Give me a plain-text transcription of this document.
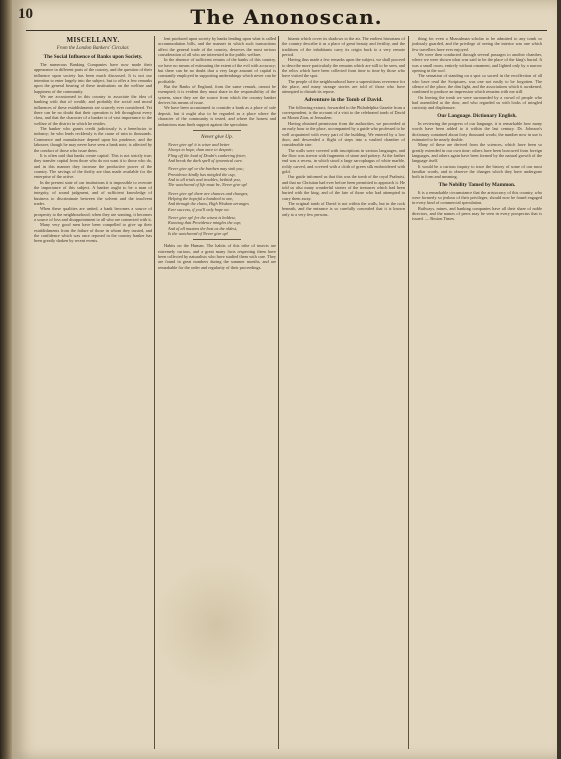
10	The Anonoscan.
MISCELLANY.
From the London Bankers' Circular.
The Social Influence of Banks upon Society.

The numerous Banking Companies have now made their appearance in different parts of the country, and the question of their influence upon society has been much discussed. It is not our intention to enter largely into the subject, but to offer a few remarks upon the general bearing of these institutions on the welfare and happiness of the community.

We are accustomed in this country to associate the idea of banking with that of wealth; and probably the social and moral influences of these establishments are scarcely ever considered. Yet there can be no doubt that their operation is felt throughout every class, and that the character of a banker is of vast importance to the welfare of the district in which he resides.

The banker who grants credit judiciously is a benefactor to industry; he who lends recklessly is the cause of ruin to thousands. Commerce and manufacture depend upon his prudence, and the labourer, though he may never have seen a bank note, is affected by the conduct of those who issue them.

It is often said that banks create capital. This is not strictly true; they transfer capital from those who do not want it to those who do, and in this manner they increase the productive power of the country. The savings of the thrifty are thus made available for the enterprise of the active.

In the present state of our institutions it is impossible to overrate the importance of this subject. A banker ought to be a man of integrity, of sound judgment, and of sufficient knowledge of business to discriminate between the solvent and the insolvent trader.

When these qualities are united, a bank becomes a source of prosperity to the neighbourhood; when they are wanting, it becomes a source of loss and disappointment to all who are connected with it.

Many very good men have been compelled to give up their establishments from the failure of those in whom they trusted, and the confidence which was once reposed in the country banker has been greatly shaken by recent events.

lent produced upon society by banks lending upon what is called accommodation bills, and the manner in which such transactions affect the general trade of the country, deserves the most serious consideration of all who are interested in the public welfare.

In the absence of sufficient returns of the banks of this country, we have no means of estimating the extent of the evil with accuracy; but there can be no doubt that a very large amount of capital is constantly employed in supporting undertakings which never can be profitable.

But the Banks of England, from the same remark, cannot be exempted; it is evident they must share in the responsibility of the system, since they are the source from which the country banker derives his means of issue.

We have been accustomed to consider a bank as a place of safe deposit, but it ought also to be regarded as a place where the character of the community is tested, and where the honest and industrious man finds support against the speculator.

Never give Up.

Never give up! it is wiser and better

Always to hope, than once to despair;

Fling off the load of Doubt's cankering fetter,

And break the dark spell of tyrannical care.

Never give up! or the burthen may sink you;

Providence kindly has mingled the cup,

And in all trials and troubles, bethink you,

The watchword of life must be, Never give up!

Never give up! there are chances and changes,

Helping the hopeful a hundred to one,

And through the chaos, High Wisdom arranges

Ever success, if you'll only hope on.

Never give up! for the wisest is boldest,

Knowing that Providence mingles the cup;

And of all maxims the best as the oldest,

Is the watchword of Never give up!

Habits on the Human. The habits of this tribe of insects are extremely curious, and a great many facts respecting them have been collected by naturalists who have studied them with care. They are found in great numbers during the summer months, and are remarkable for the order and regularity of their proceedings.

bitants which cover its shadows to the air. The earliest historians of the country describe it as a place of great beauty and fertility, and the traditions of the inhabitants carry its origin back to a very remote period.

Having thus made a few remarks upon the subject, we shall proceed to describe more particularly the remains which are still to be seen, and the relics which have been collected from time to time by those who have visited the spot.

The people of the neighbourhood have a superstitious reverence for the place, and many strange stories are told of those who have attempted to disturb its repose.

Adventure in the Tomb of David.

The following extract, forwarded to the Philadelphia Gazette from a correspondent, is the account of a visit to the celebrated tomb of David on Mount Zion, at Jerusalem.

Having obtained permission from the authorities, we proceeded at an early hour to the place, accompanied by a guide who professed to be well acquainted with every part of the building. We entered by a low door, and descended a flight of steps into a vaulted chamber of considerable size.

The walls were covered with inscriptions in various languages, and the floor was strewn with fragments of stone and pottery. At the farther end was a recess, in which stood a large sarcophagus of white marble, richly carved, and covered with a cloth of green silk embroidered with gold.

Our guide informed us that this was the tomb of the royal Psalmist, and that no Christian had ever before been permitted to approach it. He told us also many wonderful stories of the treasures which had been buried with the king, and of the fate of those who had attempted to carry them away.

The original tomb of David is not within the walls, but in the rock beneath, and the entrance is so carefully concealed that it is known only to a very few persons.

thing for even a Mussulman scholar to be admitted to any tomb so jealously guarded, and the privilege of seeing the interior was one which few travellers have ever enjoyed.

We were then conducted through several passages to another chamber, where we were shown what was said to be the place of the king's burial. It was a small room, entirely without ornament, and lighted only by a narrow opening in the roof.

The sensation of standing on a spot so sacred in the recollection of all who have read the Scriptures, was one not easily to be forgotten. The silence of the place, the dim light, and the associations which it awakened, combined to produce an impression which remains with me still.

On leaving the tomb we were surrounded by a crowd of people who had assembled at the door, and who regarded us with looks of mingled curiosity and displeasure.

Our Language. Dictionary English.

In reviewing the progress of our language, it is remarkable how many words have been added to it within the last century. Dr. Johnson's dictionary contained about forty thousand words; the number now in use is estimated to be nearly double.

Many of these are derived from the sciences, which have been so greatly extended in our own time; others have been borrowed from foreign languages, and others again have been formed by the natural growth of the language itself.

It would be a curious inquiry to trace the history of some of our most familiar words, and to observe the changes which they have undergone both in form and meaning.

The Nobility Tamed by Mammon.

It is a remarkable circumstance that the aristocracy of this country, who were formerly so jealous of their privileges, should now be found engaged in every kind of commercial speculation.

Railways, mines, and banking companies have all their share of noble directors, and the names of peers may be seen in every prospectus that is issued. — Boston Times.
